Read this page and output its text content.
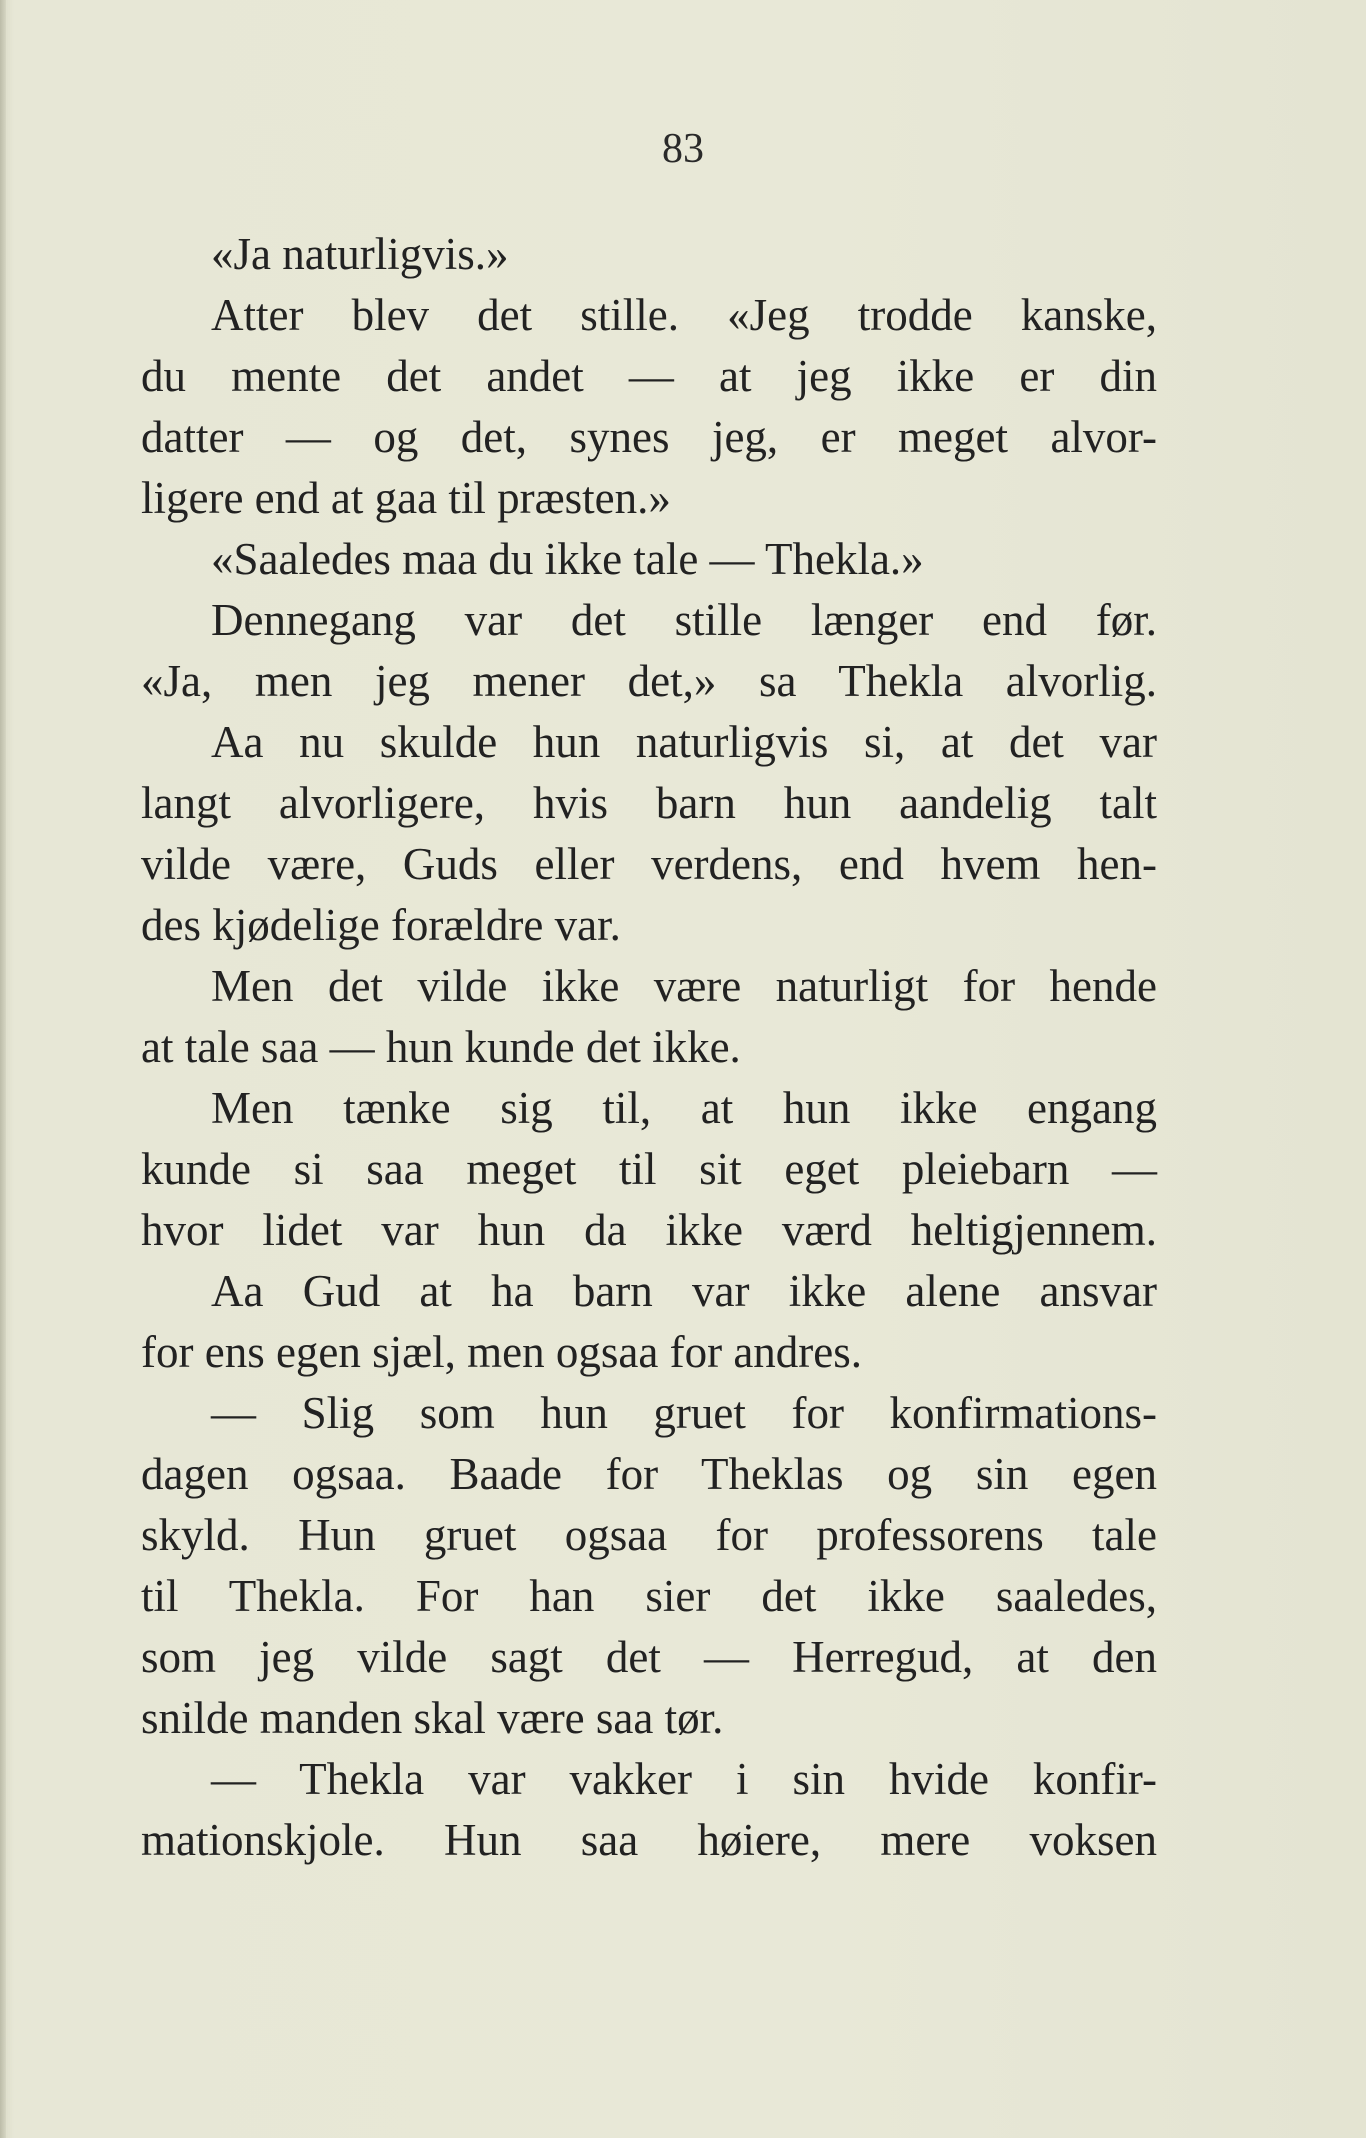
83
«Ja naturligvis.»
Atter blev det stille. «Jeg trodde kanske,
du mente det andet — at jeg ikke er din
datter — og det, synes jeg, er meget alvor-
ligere end at gaa til præsten.»
«Saaledes maa du ikke tale — Thekla.»
Dennegang var det stille længer end før.
«Ja, men jeg mener det,» sa Thekla alvorlig.
Aa nu skulde hun naturligvis si, at det var
langt alvorligere, hvis barn hun aandelig talt
vilde være, Guds eller verdens, end hvem hen-
des kjødelige forældre var.
Men det vilde ikke være naturligt for hende
at tale saa — hun kunde det ikke.
Men tænke sig til, at hun ikke engang
kunde si saa meget til sit eget pleiebarn —
hvor lidet var hun da ikke værd heltigjennem.
Aa Gud at ha barn var ikke alene ansvar
for ens egen sjæl, men ogsaa for andres.
— Slig som hun gruet for konfirmations-
dagen ogsaa. Baade for Theklas og sin egen
skyld. Hun gruet ogsaa for professorens tale
til Thekla. For han sier det ikke saaledes,
som jeg vilde sagt det — Herregud, at den
snilde manden skal være saa tør.
— Thekla var vakker i sin hvide konfir-
mationskjole. Hun saa høiere, mere voksen
